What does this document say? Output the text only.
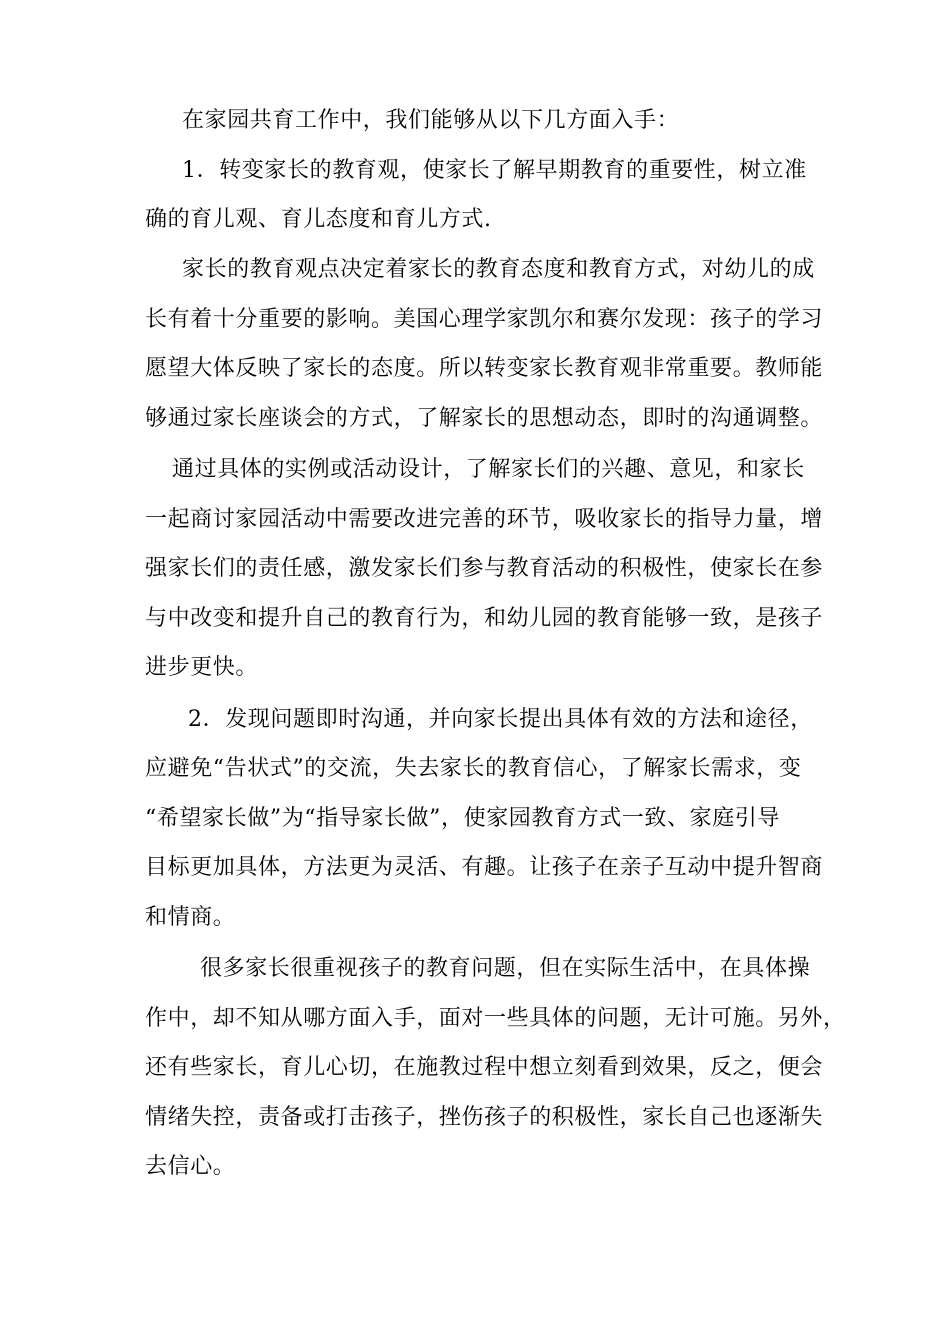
在家园共育工作中，我们能够从以下几方面入手：
1．转变家长的教育观，使家长了解早期教育的重要性，树立准
确的育儿观、育儿态度和育儿方式.
家长的教育观点决定着家长的教育态度和教育方式，对幼儿的成
长有着十分重要的影响。美国心理学家凯尔和赛尔发现：孩子的学习
愿望大体反映了家长的态度。所以转变家长教育观非常重要。教师能
够通过家长座谈会的方式，了解家长的思想动态，即时的沟通调整。
通过具体的实例或活动设计，了解家长们的兴趣、意见，和家长
一起商讨家园活动中需要改进完善的环节，吸收家长的指导力量，增
强家长们的责任感，激发家长们参与教育活动的积极性，使家长在参
与中改变和提升自己的教育行为，和幼儿园的教育能够一致，是孩子
进步更快。
2．发现问题即时沟通，并向家长提出具体有效的方法和途径，
应避免“告状式”的交流，失去家长的教育信心，了解家长需求，变
“希望家长做”为“指导家长做”，使家园教育方式一致、家庭引导
目标更加具体，方法更为灵活、有趣。让孩子在亲子互动中提升智商
和情商。
很多家长很重视孩子的教育问题，但在实际生活中，在具体操
作中，却不知从哪方面入手，面对一些具体的问题，无计可施。另外，
还有些家长，育儿心切，在施教过程中想立刻看到效果，反之，便会
情绪失控，责备或打击孩子，挫伤孩子的积极性，家长自己也逐渐失
去信心。
